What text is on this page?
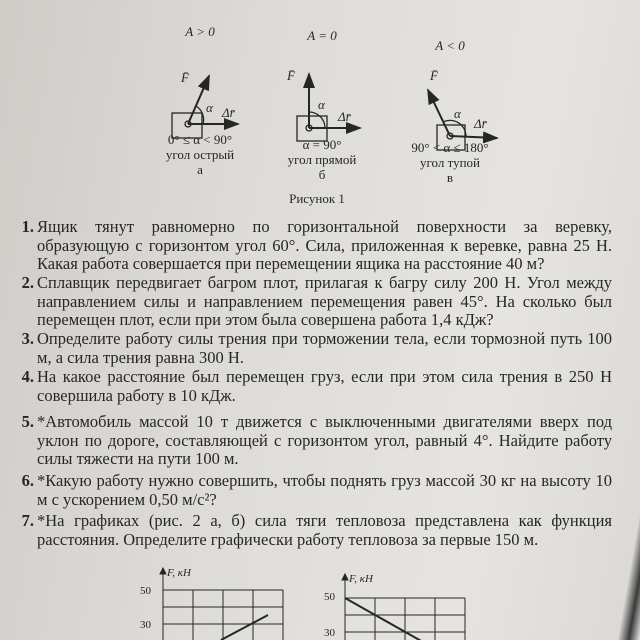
A > 0	A = 0
A < 0
F̄
α Δr̄
F̄
α
Δr̄
F̄
α
Δr̄
0° ≤ α < 90°
угол острый
а
α = 90°
угол прямой
б
90° < α ≤ 180°
угол тупой
в
Рисунок 1
1. Ящик тянут равномерно по горизонтальной поверхности за веревку,
образующую с горизонтом угол 60°. Сила, приложенная к веревке, равна 25 Н.
Какая работа совершается при перемещении ящика на расстояние 40 м?
2. Сплавщик передвигает багром плот, прилагая к багру силу 200 Н. Угол между
направлением силы и направлением перемещения равен 45°. На сколько был
перемещен плот, если при этом была совершена работа 1,4 кДж?
3. Определите работу силы трения при торможении тела, если тормозной путь 100
м, а сила трения равна 300 Н.
4. На какое расстояние был перемещен груз, если при этом сила трения в 250 Н
совершила работу в 10 кДж.
5. *Автомобиль массой 10 т движется с выключенными двигателями вверх под
уклон по дороге, составляющей с горизонтом угол, равный 4°. Найдите работу
силы тяжести на пути 100 м.
6. *Какую работу нужно совершить, чтобы поднять груз массой 30 кг на высоту 10
м с ускорением 0,50 м/с²?
7. *На графиках (рис. 2 а, б) сила тяги тепловоза представлена как функция
расстояния. Определите графически работу тепловоза за первые 150 м.
F, кН
50
30
F, кН
50
30
